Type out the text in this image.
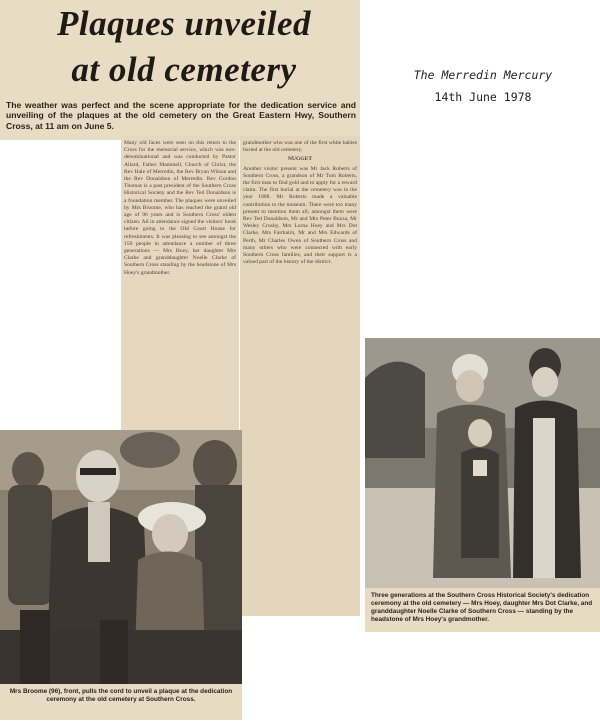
Plaques unveiled
at old cemetery

The weather was perfect and the scene appropriate for the dedication service and unveiling of the plaques at the old cemetery on the Great Eastern Hwy, Southern Cross, at 11 am on June 5.

The Merredin Mercury
14th June 1978

Many old faces were seen on this return to the Cross for the memorial service, which was non-denominational and was conducted by Pastor Allard, Father Mammell, Church of Christ, the Rev Hale of Merredin, the Rev Bryan Wilson and the Rev Donaldson of Merredin. Rev Gordon Thomas is a past president of the Southern Cross Historical Society and the Rev Ted Donaldson is a foundation member. The plaques were unveiled by Mrs Broome, who has reached the grand old age of 96 years and is Southern Cross' oldest citizen. All in attendance signed the visitors' book before going to the Old Court House for refreshments. It was pleasing to see amongst the 150 people in attendance a number of three generations — Mrs Hoey, her daughter Mrs Clarke and granddaughter Noelle Clarke of Southern Cross standing by the headstone of Mrs Hoey's grandmother.

grandmother who was one of the first white babies buried at the old cemetery.
NUGGET
Another visitor present was Mr Jack Roberts of Southern Cross, a grandson of Mr Tom Roberts, the first man to find gold and to apply for a reward claim. The first burial at the cemetery was in the year 1888. Mr Roberts made a valuable contribution to the museum. There were too many present to mention them all; amongst them were Rev Ted Donaldson, Mr and Mrs Peter Buzza, Mr Wesley Crosby, Mrs Lorna Hoey and Mrs Dot Clarke, Mrs Fairbairn, Mr and Mrs Edwards of Perth, Mr Charles Owen of Southern Cross and many others who were connected with early Southern Cross families, and their support is a valued part of the history of the district.
Mrs Broome (96), front, pulls the cord to unveil a plaque at the dedication ceremony at the old cemetery at Southern Cross.
Three generations at the Southern Cross Historical Society's dedication ceremony at the old cemetery — Mrs Hoey, daughter Mrs Dot Clarke, and granddaughter Noelle Clarke of Southern Cross — standing by the headstone of Mrs Hoey's grandmother.
